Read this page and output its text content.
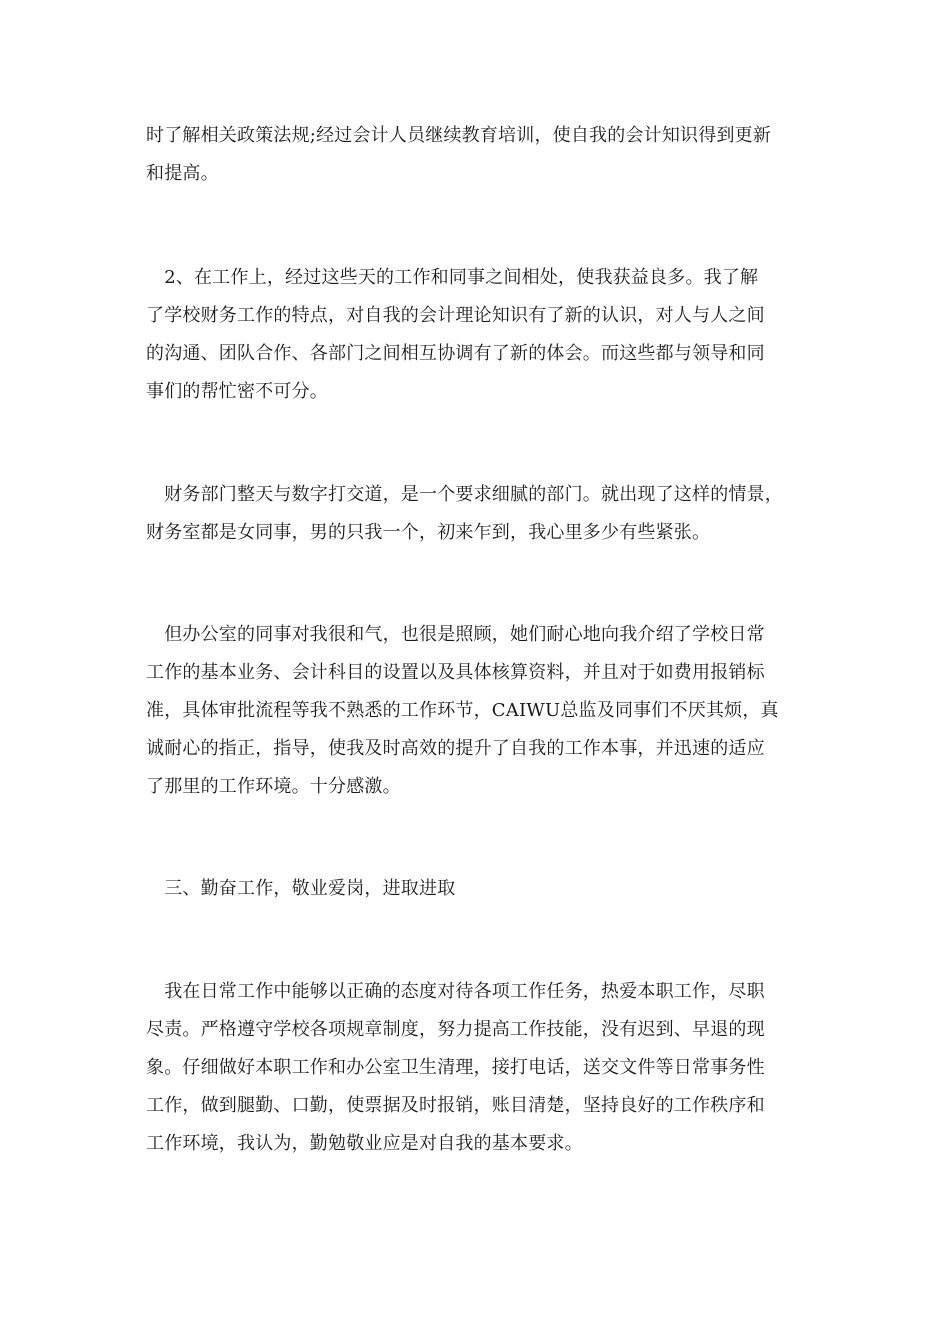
时了解相关政策法规;经过会计人员继续教育培训，使自我的会计知识得到更新
和提高。
　2、在工作上，经过这些天的工作和同事之间相处，使我获益良多。我了解
了学校财务工作的特点，对自我的会计理论知识有了新的认识，对人与人之间
的沟通、团队合作、各部门之间相互协调有了新的体会。而这些都与领导和同
事们的帮忙密不可分。
　财务部门整天与数字打交道，是一个要求细腻的部门。就出现了这样的情景，
财务室都是女同事，男的只我一个，初来乍到，我心里多少有些紧张。
　但办公室的同事对我很和气，也很是照顾，她们耐心地向我介绍了学校日常
工作的基本业务、会计科目的设置以及具体核算资料，并且对于如费用报销标
准，具体审批流程等我不熟悉的工作环节，CAIWU总监及同事们不厌其烦，真
诚耐心的指正，指导，使我及时高效的提升了自我的工作本事，并迅速的适应
了那里的工作环境。十分感激。
　三、勤奋工作，敬业爱岗，进取进取
　我在日常工作中能够以正确的态度对待各项工作任务，热爱本职工作，尽职
尽责。严格遵守学校各项规章制度，努力提高工作技能，没有迟到、早退的现
象。仔细做好本职工作和办公室卫生清理，接打电话，送交文件等日常事务性
工作，做到腿勤、口勤，使票据及时报销，账目清楚，坚持良好的工作秩序和
工作环境，我认为，勤勉敬业应是对自我的基本要求。
